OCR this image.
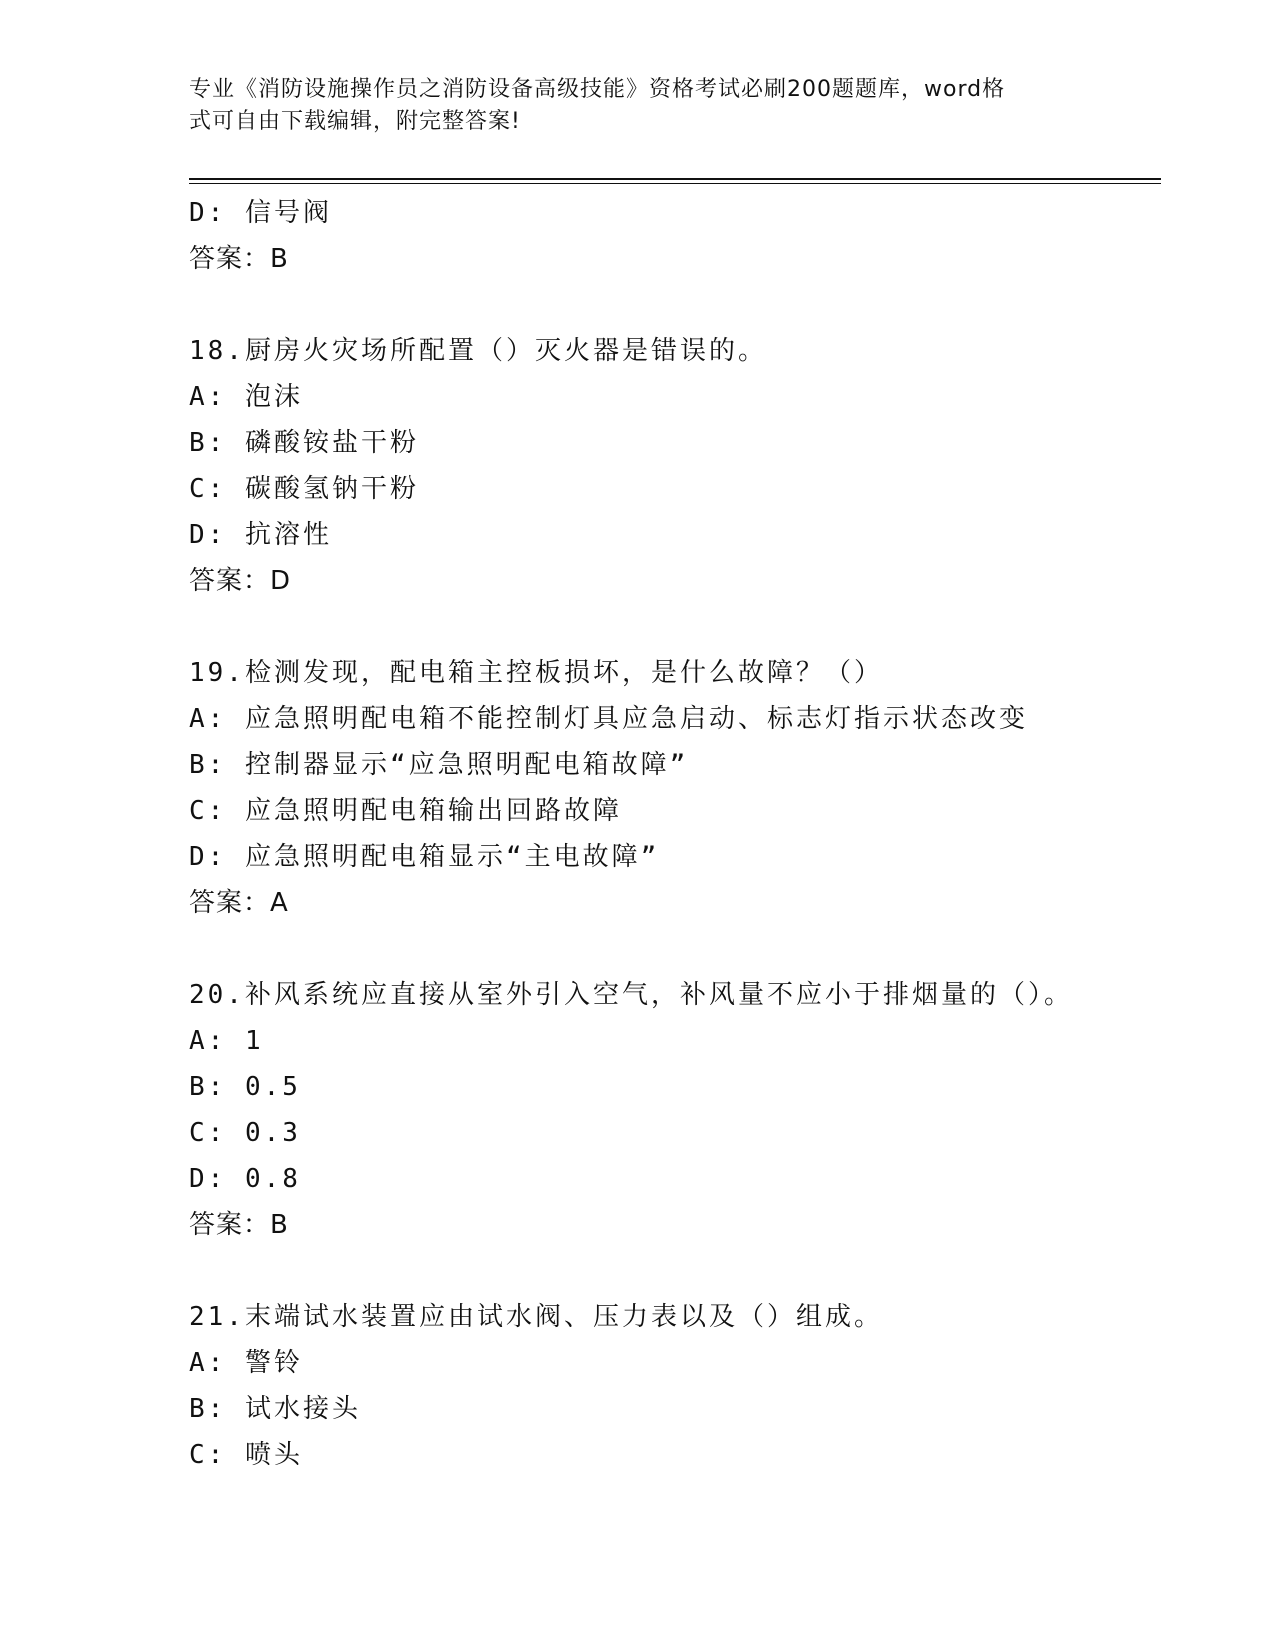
专业《消防设施操作员之消防设备高级技能》资格考试必刷200题题库，word格
式可自由下载编辑，附完整答案!
D: 信号阀
答案：B
18.厨房火灾场所配置（）灭火器是错误的。
A: 泡沫
B: 磷酸铵盐干粉
C: 碳酸氢钠干粉
D: 抗溶性
答案：D
19.检测发现，配电箱主控板损坏，是什么故障？（）
A: 应急照明配电箱不能控制灯具应急启动、标志灯指示状态改变
B: 控制器显示“应急照明配电箱故障”
C: 应急照明配电箱输出回路故障
D: 应急照明配电箱显示“主电故障”
答案：A
20.补风系统应直接从室外引入空气，补风量不应小于排烟量的（）。
A: 1
B: 0.5
C: 0.3
D: 0.8
答案：B
21.末端试水装置应由试水阀、压力表以及（）组成。
A: 警铃
B: 试水接头
C: 喷头
